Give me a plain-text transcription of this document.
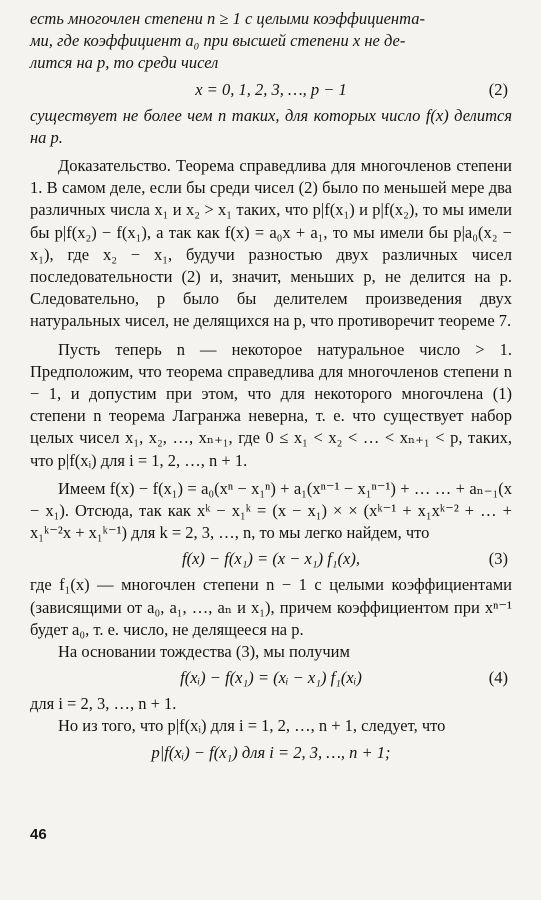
есть многочлен степени n ≥ 1 с целыми коэффициента-

ми, где коэффициент a₀ при высшей степени x не де-

лится на p, то среди чисел

x = 0, 1, 2, 3, …, p − 1	(2)

существует не более чем n таких, для которых число f(x) делится на p.

Доказательство. Теорема справедлива для многочленов степени 1. В самом деле, если бы среди чисел (2) было по меньшей мере два различных числа x₁ и x₂ > x₁ таких, что p|f(x₁) и p|f(x₂), то мы имели бы p|f(x₂) − f(x₁), а так как f(x) = a₀x + a₁, то мы имели бы p|a₀(x₂ − x₁), где x₂ − x₁, будучи разностью двух различных чисел последовательности (2) и, значит, меньших p, не делится на p. Следовательно, p было бы делителем произведения двух натуральных чисел, не делящихся на p, что противоречит теореме 7.

Пусть теперь n — некоторое натуральное число > 1. Предположим, что теорема справедлива для многочленов степени n − 1, и допустим при этом, что для некоторого многочлена (1) степени n теорема Лагранжа неверна, т. е. что существует набор целых чисел x₁, x₂, …, xₙ₊₁, где 0 ≤ x₁ < x₂ < … < xₙ₊₁ < p, таких, что p|f(xᵢ) для i = 1, 2, …, n + 1.

Имеем f(x) − f(x₁) = a₀(xⁿ − x₁ⁿ) + a₁(xⁿ⁻¹ − x₁ⁿ⁻¹) + … … + aₙ₋₁(x − x₁). Отсюда, так как xᵏ − x₁ᵏ = (x − x₁) × × (xᵏ⁻¹ + x₁xᵏ⁻² + … + x₁ᵏ⁻²x + x₁ᵏ⁻¹) для k = 2, 3, …, n, то мы легко найдем, что

f(x) − f(x₁) = (x − x₁) f₁(x),	(3)

где f₁(x) — многочлен степени n − 1 с целыми коэффициентами (зависящими от a₀, a₁, …, aₙ и x₁), причем коэффициентом при xⁿ⁻¹ будет a₀, т. е. число, не делящееся на p.

На основании тождества (3), мы получим

f(xᵢ) − f(x₁) = (xᵢ − x₁) f₁(xᵢ)	(4)

для i = 2, 3, …, n + 1.

Но из того, что p|f(xᵢ) для i = 1, 2, …, n + 1, следует, что

p|f(xᵢ) − f(x₁) для i = 2, 3, …, n + 1;
46
